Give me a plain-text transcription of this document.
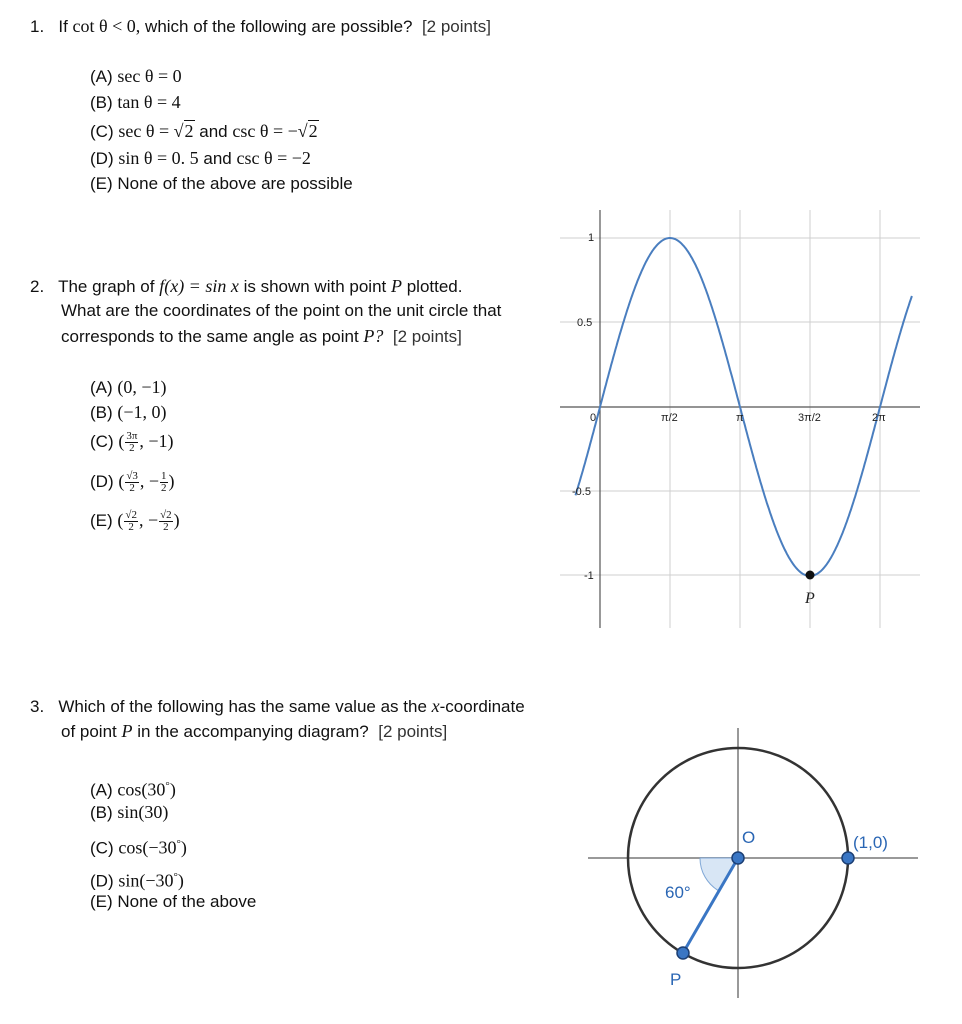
1. If cot θ < 0, which of the following are possible? [2 points]
(A) sec θ = 0
(B) tan θ = 4
(C) sec θ = √2 and csc θ = −√2
(D) sin θ = 0. 5 and csc θ = −2
(E) None of the above are possible
2. The graph of f(x) = sin x is shown with point P plotted.
What are the coordinates of the point on the unit circle that
corresponds to the same angle as point P? [2 points]
(A) (0, −1)
(B) (−1, 0)
(C) ( $\frac{3\pi}{2}$ , −1)
(D) ( $\frac{√3}{2}$ , − $\frac{1}{2}$ )
(E) ( $\frac{√2}{2}$ , − $\frac{√2}{2}$ )
1
0.5
-0.5
-1
0	π/2	π	3π/2	2π
P
3. Which of the following has the same value as the x-coordinate
of point P in the accompanying diagram? [2 points]
(A) cos(30°)
(B) sin(30)
(C) cos(−30°)
(D) sin(−30°)
(E) None of the above
O	(1,0)
60°
P
